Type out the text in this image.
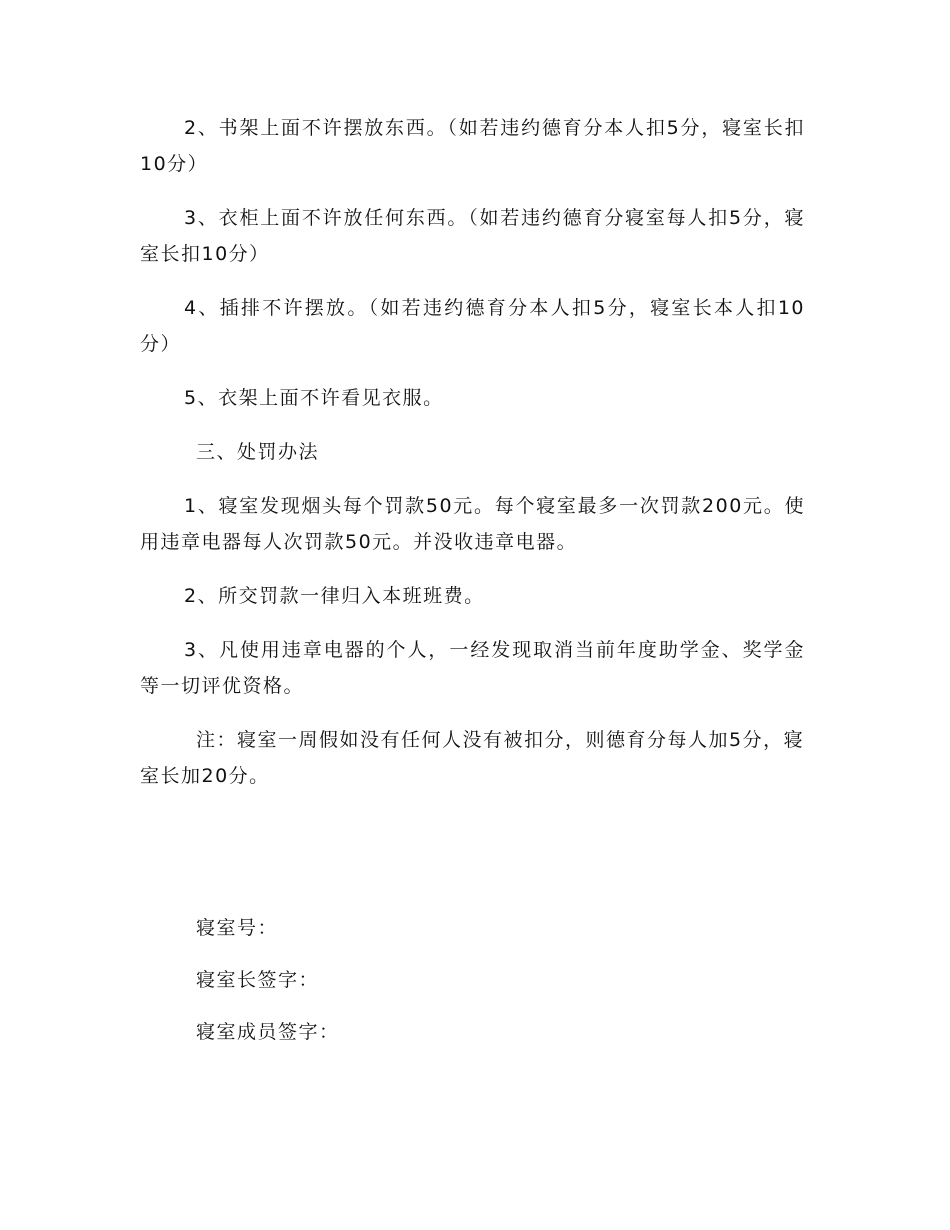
2、书架上面不许摆放东西。（如若违约德育分本人扣5分，寝室长扣10分）

3、衣柜上面不许放任何东西。（如若违约德育分寝室每人扣5分，寝室长扣10分）

4、插排不许摆放。（如若违约德育分本人扣5分，寝室长本人扣10分）

5、衣架上面不许看见衣服。

三、处罚办法

1、寝室发现烟头每个罚款50元。每个寝室最多一次罚款200元。使用违章电器每人次罚款50元。并没收违章电器。

2、所交罚款一律归入本班班费。

3、凡使用违章电器的个人，一经发现取消当前年度助学金、奖学金等一切评优资格。

注：寝室一周假如没有任何人没有被扣分，则德育分每人加5分，寝室长加20分。

寝室号：
寝室长签字：
寝室成员签字：
